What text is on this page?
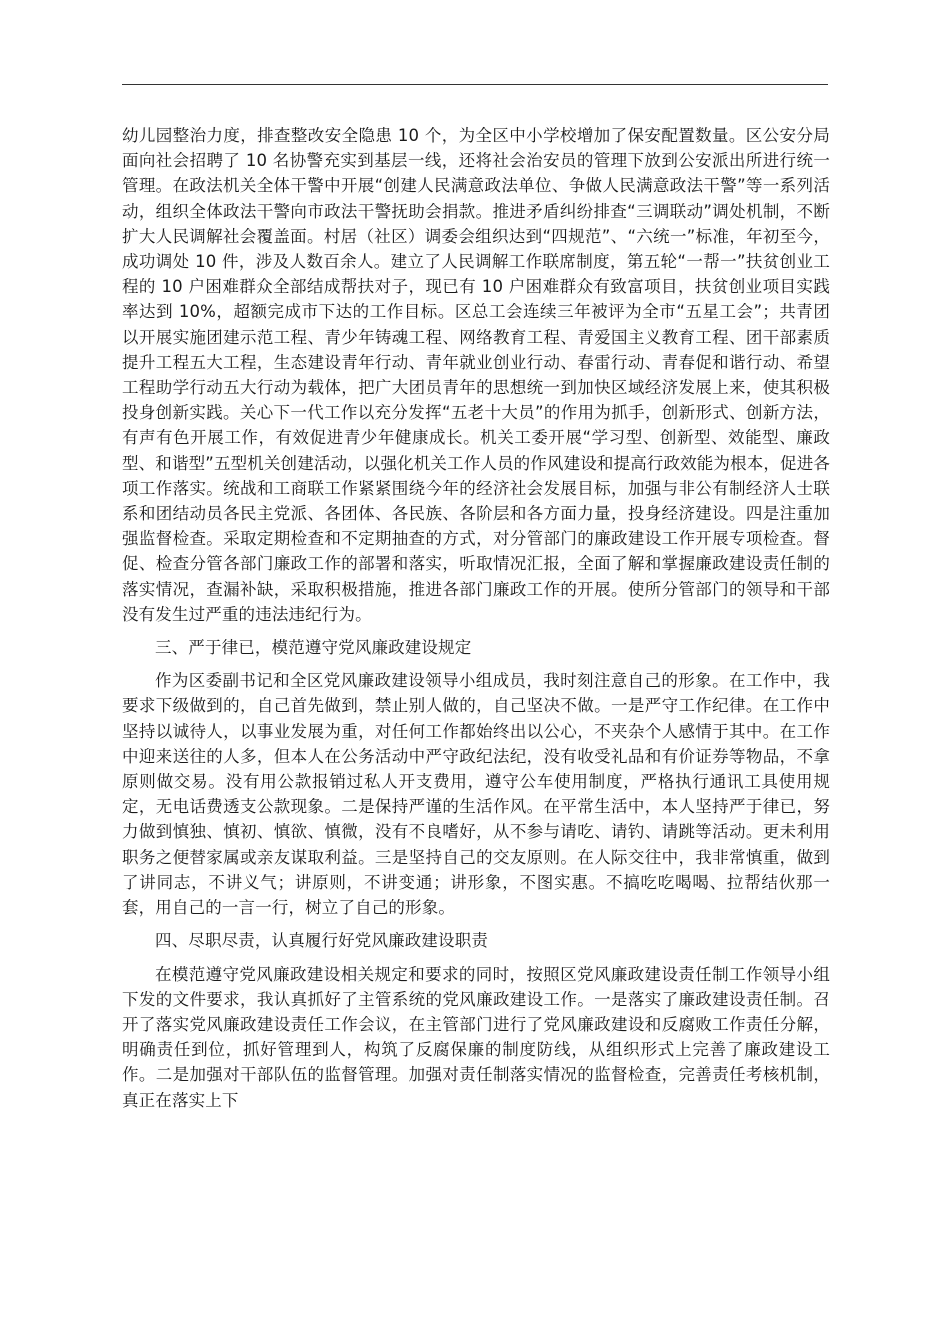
幼儿园整治力度，排查整改安全隐患 10 个，为全区中小学校增加了保安配置数量。区公安分局面向社会招聘了 10 名协警充实到基层一线，还将社会治安员的管理下放到公安派出所进行统一管理。在政法机关全体干警中开展“创建人民满意政法单位、争做人民满意政法干警”等一系列活动，组织全体政法干警向市政法干警抚助会捐款。推进矛盾纠纷排查“三调联动”调处机制，不断扩大人民调解社会覆盖面。村居（社区）调委会组织达到“四规范”、“六统一”标准，年初至今，成功调处 10 件，涉及人数百余人。建立了人民调解工作联席制度，第五轮“一帮一”扶贫创业工程的 10 户困难群众全部结成帮扶对子，现已有 10 户困难群众有致富项目，扶贫创业项目实践率达到 10%，超额完成市下达的工作目标。区总工会连续三年被评为全市“五星工会”；共青团以开展实施团建示范工程、青少年铸魂工程、网络教育工程、青爱国主义教育工程、团干部素质提升工程五大工程，生态建设青年行动、青年就业创业行动、春雷行动、青春促和谐行动、希望工程助学行动五大行动为载体，把广大团员青年的思想统一到加快区域经济发展上来，使其积极投身创新实践。关心下一代工作以充分发挥“五老十大员”的作用为抓手，创新形式、创新方法，有声有色开展工作，有效促进青少年健康成长。机关工委开展“学习型、创新型、效能型、廉政型、和谐型”五型机关创建活动，以强化机关工作人员的作风建设和提高行政效能为根本，促进各项工作落实。统战和工商联工作紧紧围绕今年的经济社会发展目标，加强与非公有制经济人士联系和团结动员各民主党派、各团体、各民族、各阶层和各方面力量，投身经济建设。四是注重加强监督检查。采取定期检查和不定期抽查的方式，对分管部门的廉政建设工作开展专项检查。督促、检查分管各部门廉政工作的部署和落实，听取情况汇报，全面了解和掌握廉政建设责任制的落实情况，查漏补缺，采取积极措施，推进各部门廉政工作的开展。使所分管部门的领导和干部没有发生过严重的违法违纪行为。

三、严于律已，模范遵守党风廉政建设规定

作为区委副书记和全区党风廉政建设领导小组成员，我时刻注意自己的形象。在工作中，我要求下级做到的，自己首先做到，禁止别人做的，自己坚决不做。一是严守工作纪律。在工作中坚持以诚待人，以事业发展为重，对任何工作都始终出以公心，不夹杂个人感情于其中。在工作中迎来送往的人多，但本人在公务活动中严守政纪法纪，没有收受礼品和有价证券等物品，不拿原则做交易。没有用公款报销过私人开支费用，遵守公车使用制度，严格执行通讯工具使用规定，无电话费透支公款现象。二是保持严谨的生活作风。在平常生活中，本人坚持严于律已，努力做到慎独、慎初、慎欲、慎微，没有不良嗜好，从不参与请吃、请钓、请跳等活动。更未利用职务之便替家属或亲友谋取利益。三是坚持自己的交友原则。在人际交往中，我非常慎重，做到了讲同志，不讲义气；讲原则，不讲变通；讲形象，不图实惠。不搞吃吃喝喝、拉帮结伙那一套，用自己的一言一行，树立了自己的形象。

四、尽职尽责，认真履行好党风廉政建设职责

在模范遵守党风廉政建设相关规定和要求的同时，按照区党风廉政建设责任制工作领导小组下发的文件要求，我认真抓好了主管系统的党风廉政建设工作。一是落实了廉政建设责任制。召开了落实党风廉政建设责任工作会议，在主管部门进行了党风廉政建设和反腐败工作责任分解，明确责任到位，抓好管理到人，构筑了反腐保廉的制度防线，从组织形式上完善了廉政建设工作。二是加强对干部队伍的监督管理。加强对责任制落实情况的监督检查，完善责任考核机制，真正在落实上下
